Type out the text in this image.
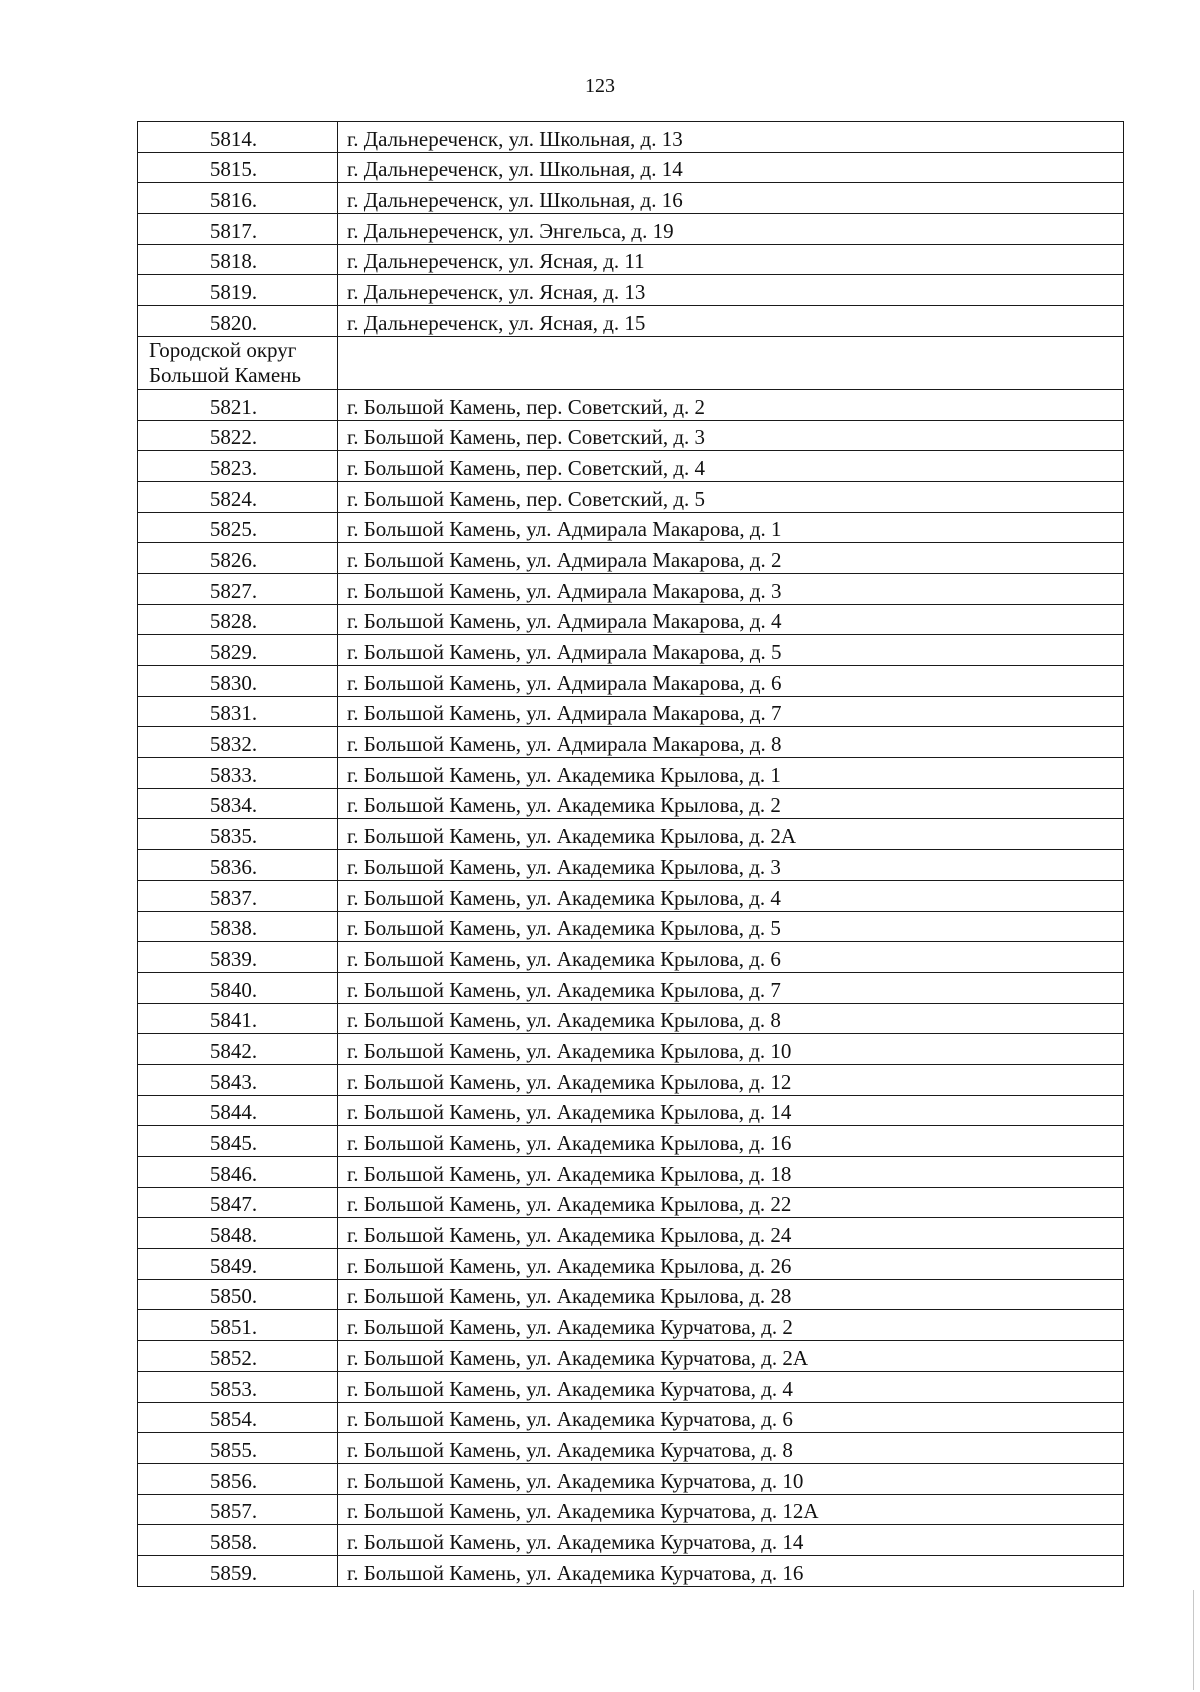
123
5814.	г. Дальнереченск, ул. Школьная, д. 13
5815.	г. Дальнереченск, ул. Школьная, д. 14
5816.	г. Дальнереченск, ул. Школьная, д. 16
5817.	г. Дальнереченск, ул. Энгельса, д. 19
5818.	г. Дальнереченск, ул. Ясная, д. 11
5819.	г. Дальнереченск, ул. Ясная, д. 13
5820.	г. Дальнереченск, ул. Ясная, д. 15
Городской округ
Большой Камень	
5821.	г. Большой Камень, пер. Советский, д. 2
5822.	г. Большой Камень, пер. Советский, д. 3
5823.	г. Большой Камень, пер. Советский, д. 4
5824.	г. Большой Камень, пер. Советский, д. 5
5825.	г. Большой Камень, ул. Адмирала Макарова, д. 1
5826.	г. Большой Камень, ул. Адмирала Макарова, д. 2
5827.	г. Большой Камень, ул. Адмирала Макарова, д. 3
5828.	г. Большой Камень, ул. Адмирала Макарова, д. 4
5829.	г. Большой Камень, ул. Адмирала Макарова, д. 5
5830.	г. Большой Камень, ул. Адмирала Макарова, д. 6
5831.	г. Большой Камень, ул. Адмирала Макарова, д. 7
5832.	г. Большой Камень, ул. Адмирала Макарова, д. 8
5833.	г. Большой Камень, ул. Академика Крылова, д. 1
5834.	г. Большой Камень, ул. Академика Крылова, д. 2
5835.	г. Большой Камень, ул. Академика Крылова, д. 2А
5836.	г. Большой Камень, ул. Академика Крылова, д. 3
5837.	г. Большой Камень, ул. Академика Крылова, д. 4
5838.	г. Большой Камень, ул. Академика Крылова, д. 5
5839.	г. Большой Камень, ул. Академика Крылова, д. 6
5840.	г. Большой Камень, ул. Академика Крылова, д. 7
5841.	г. Большой Камень, ул. Академика Крылова, д. 8
5842.	г. Большой Камень, ул. Академика Крылова, д. 10
5843.	г. Большой Камень, ул. Академика Крылова, д. 12
5844.	г. Большой Камень, ул. Академика Крылова, д. 14
5845.	г. Большой Камень, ул. Академика Крылова, д. 16
5846.	г. Большой Камень, ул. Академика Крылова, д. 18
5847.	г. Большой Камень, ул. Академика Крылова, д. 22
5848.	г. Большой Камень, ул. Академика Крылова, д. 24
5849.	г. Большой Камень, ул. Академика Крылова, д. 26
5850.	г. Большой Камень, ул. Академика Крылова, д. 28
5851.	г. Большой Камень, ул. Академика Курчатова, д. 2
5852.	г. Большой Камень, ул. Академика Курчатова, д. 2А
5853.	г. Большой Камень, ул. Академика Курчатова, д. 4
5854.	г. Большой Камень, ул. Академика Курчатова, д. 6
5855.	г. Большой Камень, ул. Академика Курчатова, д. 8
5856.	г. Большой Камень, ул. Академика Курчатова, д. 10
5857.	г. Большой Камень, ул. Академика Курчатова, д. 12А
5858.	г. Большой Камень, ул. Академика Курчатова, д. 14
5859.	г. Большой Камень, ул. Академика Курчатова, д. 16
